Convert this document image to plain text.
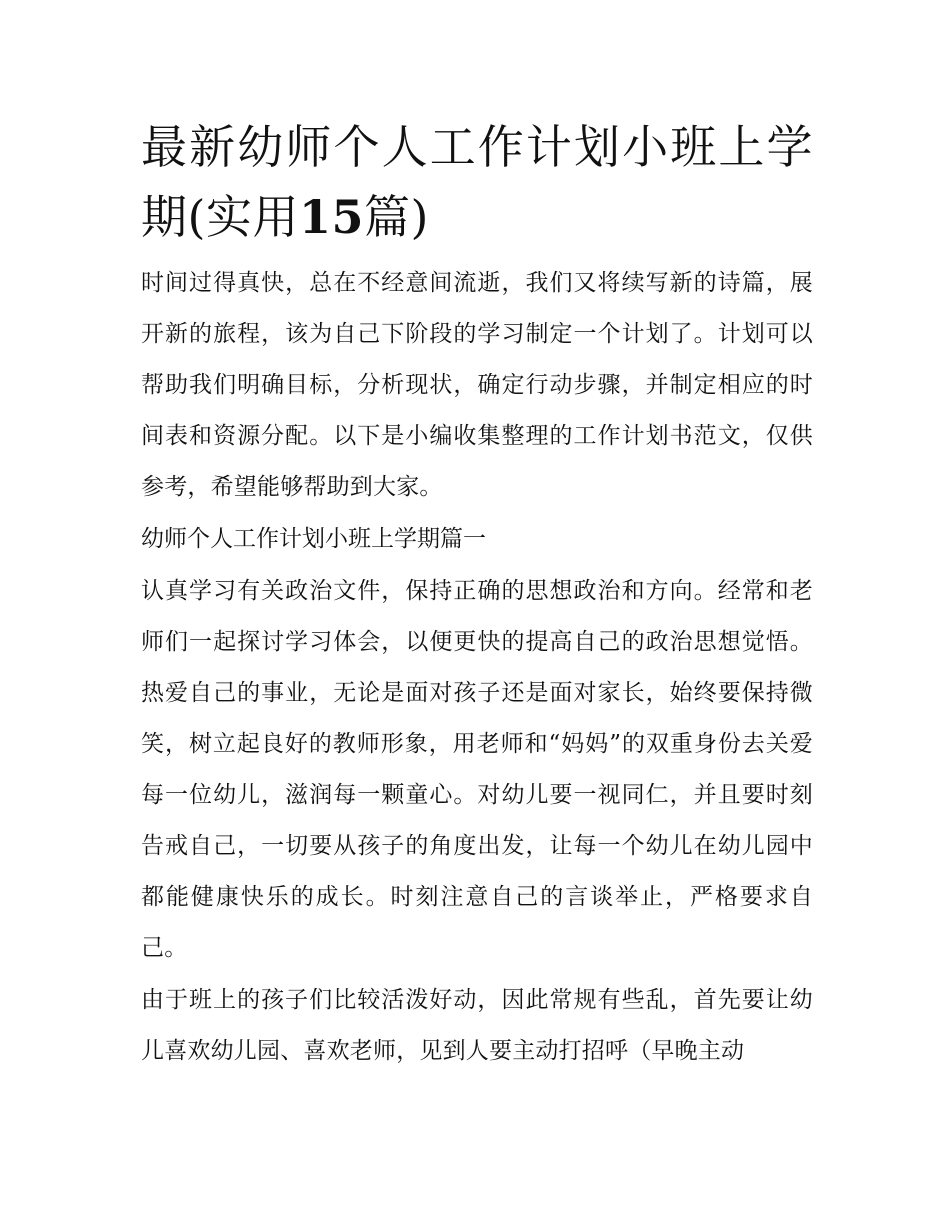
最新幼师个人工作计划小班上学期(实用15篇)

时间过得真快，总在不经意间流逝，我们又将续写新的诗篇，展开新的旅程，该为自己下阶段的学习制定一个计划了。计划可以帮助我们明确目标，分析现状，确定行动步骤，并制定相应的时间表和资源分配。以下是小编收集整理的工作计划书范文，仅供参考，希望能够帮助到大家。

幼师个人工作计划小班上学期篇一

认真学习有关政治文件，保持正确的思想政治和方向。经常和老师们一起探讨学习体会，以便更快的提高自己的政治思想觉悟。热爱自己的事业，无论是面对孩子还是面对家长，始终要保持微笑，树立起良好的教师形象，用老师和“妈妈”的双重身份去关爱每一位幼儿，滋润每一颗童心。对幼儿要一视同仁，并且要时刻告戒自己，一切要从孩子的角度出发，让每一个幼儿在幼儿园中都能健康快乐的成长。时刻注意自己的言谈举止，严格要求自己。

由于班上的孩子们比较活泼好动，因此常规有些乱，首先要让幼儿喜欢幼儿园、喜欢老师，见到人要主动打招呼（早晚主动
